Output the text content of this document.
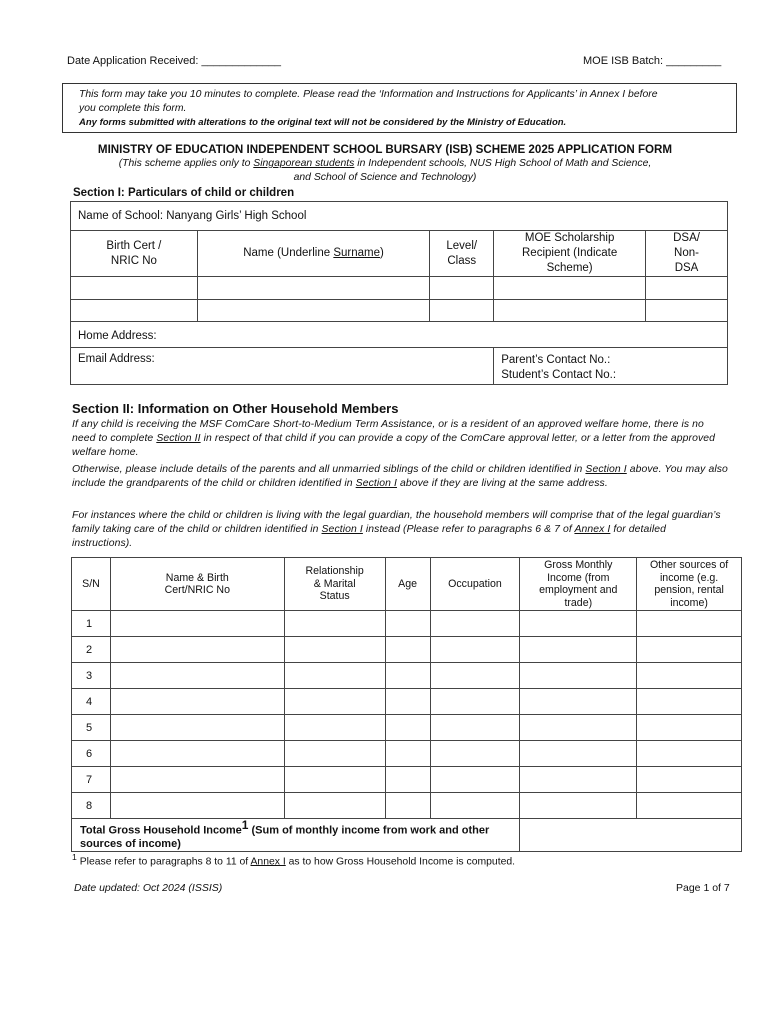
Date Application Received: _____________	MOE ISB Batch: _________
This form may take you 10 minutes to complete. Please read the ‘Information and Instructions for Applicants’ in Annex I before
you complete this form.
Any forms submitted with alterations to the original text will not be considered by the Ministry of Education.
MINISTRY OF EDUCATION INDEPENDENT SCHOOL BURSARY (ISB) SCHEME 2025 APPLICATION FORM
(This scheme applies only to Singaporean students in Independent schools, NUS High School of Math and Science,
and School of Science and Technology)
Section I: Particulars of child or children
Name of School: Nanyang Girls’ High School				
Birth Cert / NRIC No	Name (Underline Surname)	Level/ Class	MOE Scholarship Recipient (Indicate Scheme)	DSA/ Non-DSA

Home Address:				
Email Address:			Parent’s Contact No.:
Student’s Contact No.:	
Section II: Information on Other Household Members
If any child is receiving the MSF ComCare Short-to-Medium Term Assistance, or is a resident of an approved welfare home, there is no need to complete Section II in respect of that child if you can provide a copy of the ComCare approval letter, or a letter from the approved welfare home.
Otherwise, please include details of the parents and all unmarried siblings of the child or children identified in Section I above. You may also include the grandparents of the child or children identified in Section I above if they are living at the same address.
For instances where the child or children is living with the legal guardian, the household members will comprise that of the legal guardian’s family taking care of the child or children identified in Section I instead (Please refer to paragraphs 6 & 7 of Annex I for detailed instructions).
S/N	Name & Birth Cert/NRIC No	Relationship & Marital Status	Age	Occupation	Gross Monthly Income (from employment and trade)	Other sources of income (e.g. pension, rental income)
1						
2						
3						
4						
5						
6						
7						
8						
Total Gross Household Income$^1$ (Sum of monthly income from work and other sources of income)						
$^1$ Please refer to paragraphs 8 to 11 of Annex I as to how Gross Household Income is computed.
Date updated: Oct 2024 (ISSIS)	Page 1 of 7
